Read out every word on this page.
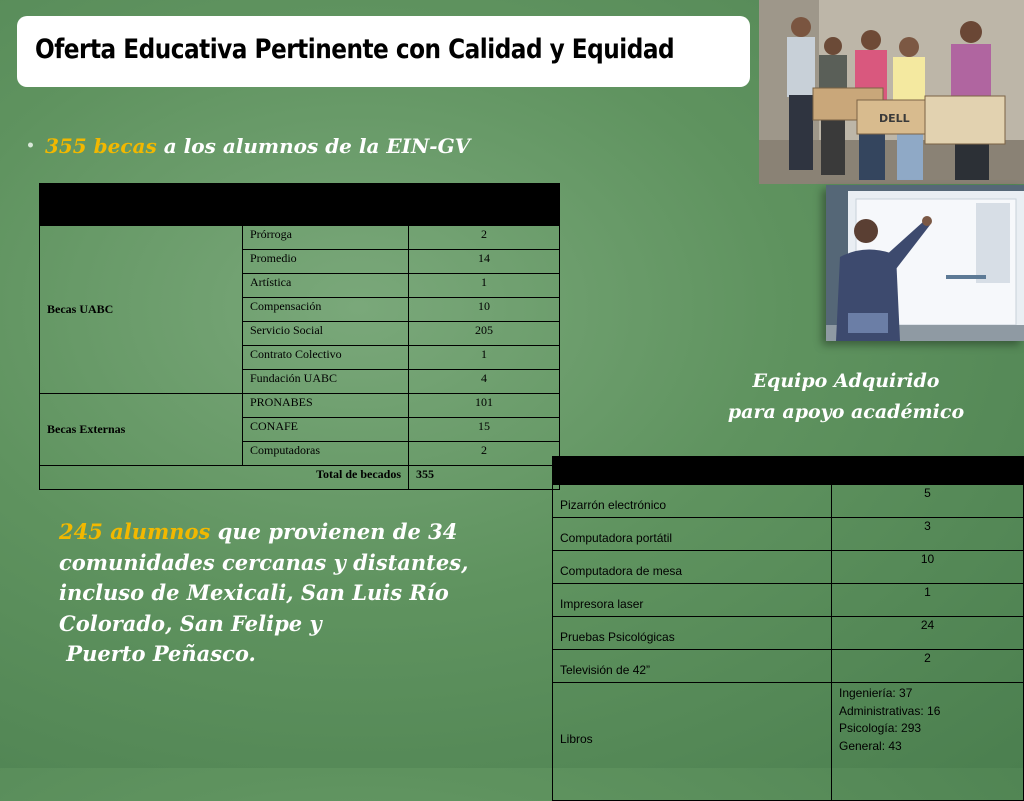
Oferta Educativa Pertinente con Calidad y Equidad
• 355 becas a los alumnos de la EIN-GV

Becas UABC	Prórroga	2
	Promedio	14
	Artística	1
	Compensación	10
	Servicio Social	205
	Contrato Colectivo	1
	Fundación UABC	4
Becas Externas	PRONABES	101
	CONAFE	15
	Computadoras	2
Total de becados		355
245 alumnos que provienen de 34
comunidades cercanas y distantes,
incluso de Mexicali, San Luis Río
Colorado, San Felipe y
Puerto Peñasco.
Equipo Adquirido
para apoyo académico

Pizarrón electrónico	5
Computadora portátil	3
Computadora de mesa	10
Impresora laser	1
Pruebas Psicológicas	24
Televisión de 42”	2
Libros	Ingeniería: 37
Administrativas: 16
Psicología: 293
General: 43
DELL
